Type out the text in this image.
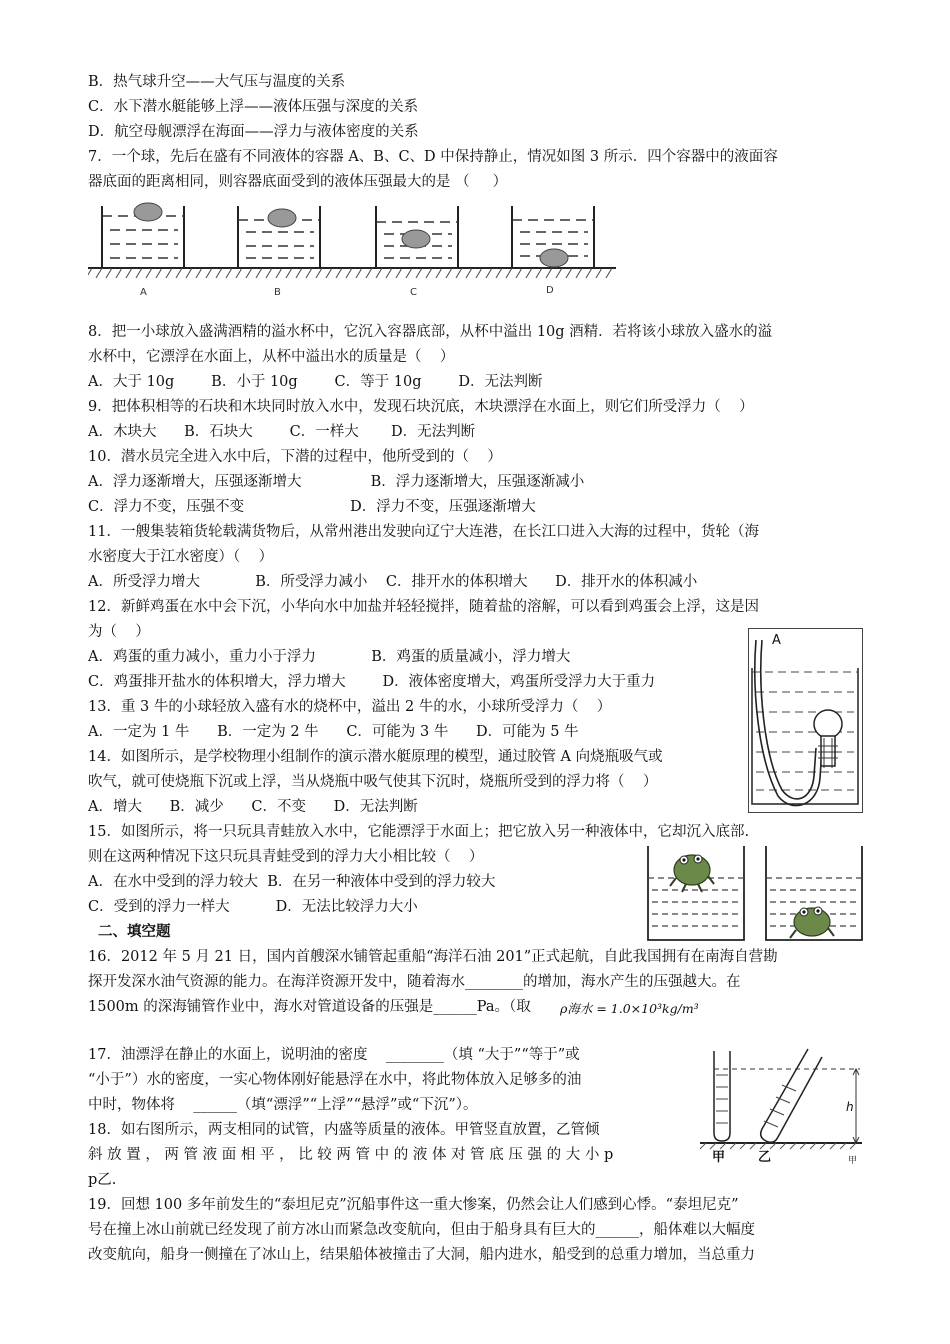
B．热气球升空——大气压与温度的关系
C．水下潜水艇能够上浮——液体压强与深度的关系
D．航空母舰漂浮在海面——浮力与液体密度的关系
7．一个球，先后在盛有不同液体的容器 A、B、C、D 中保持静止，情况如图 3 所示．四个容器中的液面容
器底面的距离相同，则容器底面受到的液体压强最大的是 （     ）
A	B	C	D
8．把一小球放入盛满酒精的溢水杯中，它沉入容器底部，从杯中溢出 10g 酒精．若将该小球放入盛水的溢
水杯中，它漂浮在水面上，从杯中溢出水的质量是（    ）
A．大于 10g        B．小于 10g        C．等于 10g        D．无法判断
9．把体积相等的石块和木块同时放入水中，发现石块沉底，木块漂浮在水面上，则它们所受浮力（    ）
A．木块大      B．石块大        C．一样大       D．无法判断
10．潜水员完全进入水中后，下潜的过程中，他所受到的（    ）
A．浮力逐渐增大，压强逐渐增大               B．浮力逐渐增大，压强逐渐减小
C．浮力不变，压强不变                       D．浮力不变，压强逐渐增大
11．一艘集装箱货轮载满货物后，从常州港出发驶向辽宁大连港，在长江口进入大海的过程中，货轮（海
水密度大于江水密度）（    ）
A．所受浮力增大            B．所受浮力减小    C．排开水的体积增大      D．排开水的体积减小
12．新鲜鸡蛋在水中会下沉，小华向水中加盐并轻轻搅拌，随着盐的溶解，可以看到鸡蛋会上浮，这是因
为（    ）
A．鸡蛋的重力减小，重力小于浮力            B．鸡蛋的质量减小，浮力增大
C．鸡蛋排开盐水的体积增大，浮力增大        D．液体密度增大，鸡蛋所受浮力大于重力
13．重 3 牛的小球轻放入盛有水的烧杯中，溢出 2 牛的水，小球所受浮力（    ）
A．一定为 1 牛      B．一定为 2 牛      C．可能为 3 牛      D．可能为 5 牛
14．如图所示，是学校物理小组制作的演示潜水艇原理的模型，通过胶管 A 向烧瓶吸气或
吹气，就可使烧瓶下沉或上浮，当从烧瓶中吸气使其下沉时，烧瓶所受到的浮力将（    ）
A．增大      B．减少      C．不变      D．无法判断
A
15．如图所示，将一只玩具青蛙放入水中，它能漂浮于水面上；把它放入另一种液体中，它却沉入底部.
则在这两种情况下这只玩具青蛙受到的浮力大小相比较（    ）
A．在水中受到的浮力较大  B．在另一种液体中受到的浮力较大
C．受到的浮力一样大          D．无法比较浮力大小
二、填空题
16．2012 年 5 月 21 日，国内首艘深水铺管起重船“海洋石油 201”正式起航，自此我国拥有在南海自营勘
探开发深水油气资源的能力。在海洋资源开发中，随着海水________的增加，海水产生的压强越大。在
1500m 的深海铺管作业中，海水对管道设备的压强是______Pa。（取 ρ海水 = 1.0×10³kg/m³
17．油漂浮在静止的水面上，说明油的密度    ________（填 “大于”“等于”或
“小于”）水的密度，一实心物体刚好能悬浮在水中，将此物体放入足够多的油
中时，物体将    ______（填“漂浮”“上浮”“悬浮”或“下沉”）。
18．如右图所示，两支相同的试管，内盛等质量的液体。甲管竖直放置，乙管倾
斜 放 置 ， 两 管 液 面 相 平 ， 比 较 两 管 中 的 液 体 对 管 底 压 强 的 大 小 p	甲
p乙.
h
甲	乙
19．回想 100 多年前发生的“泰坦尼克”沉船事件这一重大惨案，仍然会让人们感到心悸。“泰坦尼克”
号在撞上冰山前就已经发现了前方冰山而紧急改变航向，但由于船身具有巨大的______，船体难以大幅度
改变航向，船身一侧撞在了冰山上，结果船体被撞击了大洞，船内进水，船受到的总重力增加，当总重力
